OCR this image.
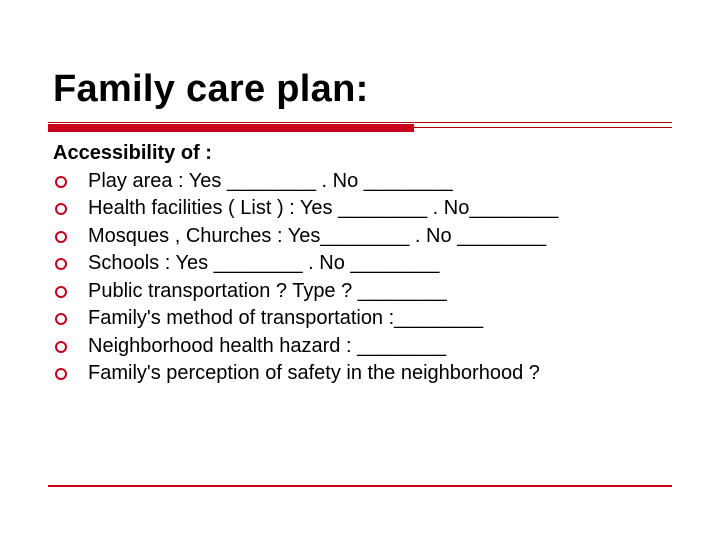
Family care plan:
Accessibility of :
Play area : Yes ________ . No ________
Health facilities ( List ) : Yes ________ . No________
Mosques , Churches : Yes________ . No ________
Schools : Yes ________ . No ________
Public transportation ? Type ? ________
Family's method of transportation :________
Neighborhood health hazard : ________
Family's perception of safety in the neighborhood ?
